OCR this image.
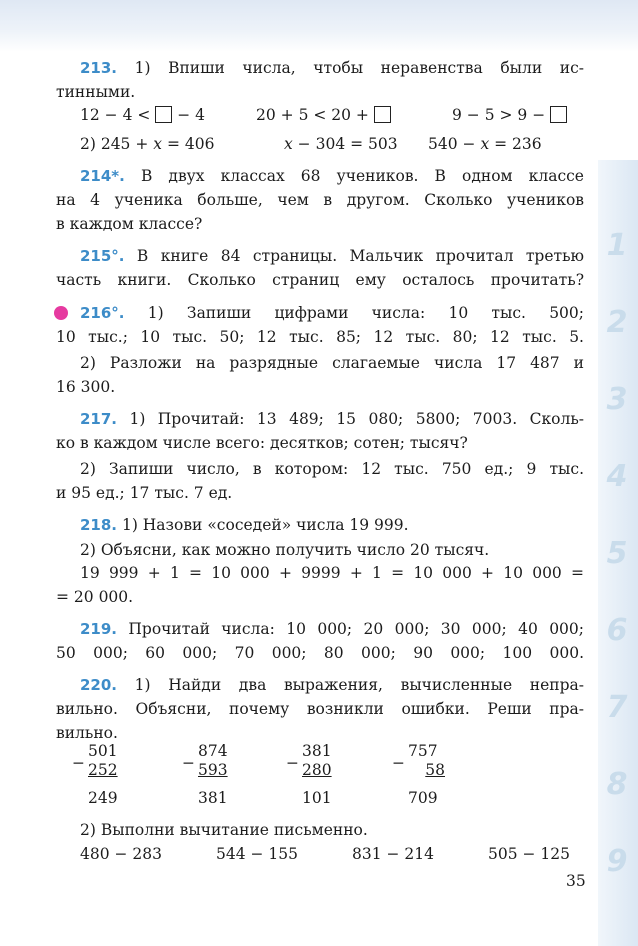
1
2
3
4
5
6
7
8
9
213. 1) Впиши числа, чтобы неравенства были ис-
тинными.
12 − 4 < − 4	20 + 5 < 20 +	9 − 5 > 9 −
2) 245 + x = 406	x − 304 = 503 540 − x = 236
214*. В двух классах 68 учеников. В одном классе
на 4 ученика больше, чем в другом. Сколько учеников
в каждом классе?
215°. В книге 84 страницы. Мальчик прочитал третью
часть книги. Сколько страниц ему осталось прочитать?
216°. 1) Запиши цифрами числа: 10 тыс. 500;
10 тыс.; 10 тыс. 50; 12 тыс. 85; 12 тыс. 80; 12 тыс. 5.
2) Разложи на разрядные слагаемые числа 17 487 и
16 300.
217. 1) Прочитай: 13 489; 15 080; 5800; 7003. Сколь-
ко в каждом числе всего: десятков; сотен; тысяч?
2) Запиши число, в котором: 12 тыс. 750 ед.; 9 тыс.
и 95 ед.; 17 тыс. 7 ед.
218. 1) Назови «соседей» числа 19 999.
2) Объясни, как можно получить число 20 тысяч.
19 999 + 1 = 10 000 + 9999 + 1 = 10 000 + 10 000 =
= 20 000.
219. Прочитай числа: 10 000; 20 000; 30 000; 40 000;
50 000; 60 000; 70 000; 80 000; 90 000; 100 000.
220. 1) Найди два выражения, вычисленные непра-
вильно. Объясни, почему возникли ошибки. Реши пра-
вильно.
−
501
252
249
−
874
593
381
−
381
280
101
−
757
58
709
2) Выполни вычитание письменно.
480 − 283	544 − 155	831 − 214	505 − 125
35
